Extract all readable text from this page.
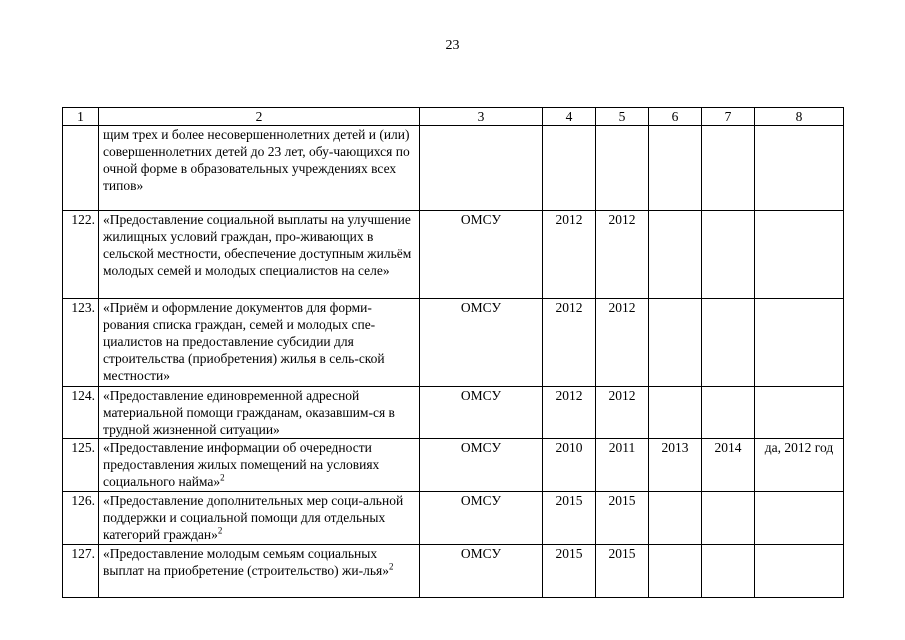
23
1	2	3	4	5	6	7	8
	щим трех и более несовершеннолетних детей и (или) совершеннолетних детей до 23 лет, обу-чающихся по очной форме в образовательных учреждениях всех типов»						
122.	«Предоставление социальной выплаты на улучшение жилищных условий граждан, про-живающих в сельской местности, обеспечение доступным жильём молодых семей и молодых специалистов на селе»	ОМСУ	2012	2012			
123.	«Приём и оформление документов для форми-рования списка граждан, семей и молодых спе-циалистов на предоставление субсидии для строительства (приобретения) жилья в сель-ской местности»	ОМСУ	2012	2012			
124.	«Предоставление единовременной адресной материальной помощи гражданам, оказавшим-ся в трудной жизненной ситуации»	ОМСУ	2012	2012			
125.	«Предоставление информации об очередности предоставления жилых помещений на условиях социального найма»$^2$	ОМСУ	2010	2011	2013	2014	да, 2012 год
126.	«Предоставление дополнительных мер соци-альной поддержки и социальной помощи для отдельных категорий граждан»$^2$	ОМСУ	2015	2015			
127.	«Предоставление молодым семьям социальных выплат на приобретение (строительство) жи-лья»$^2$	ОМСУ	2015	2015			
